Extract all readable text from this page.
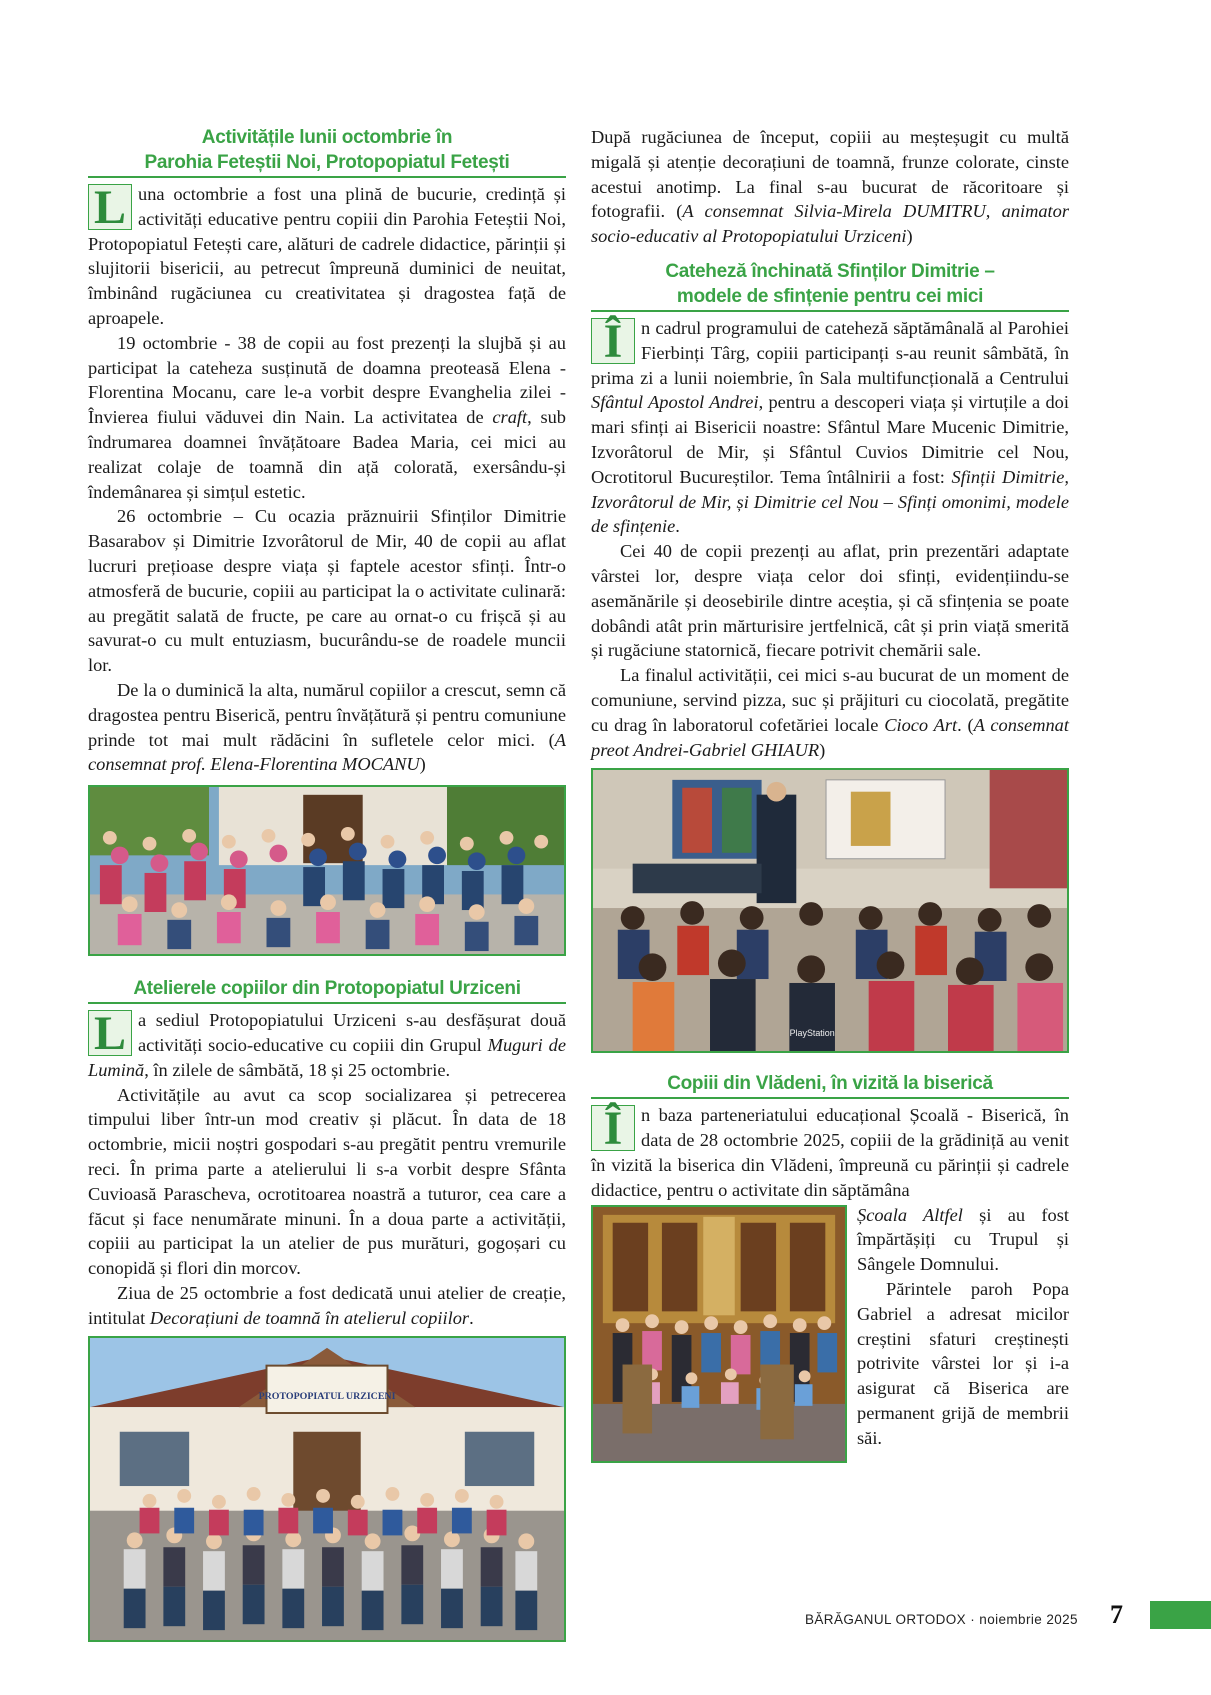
Activitățile lunii octombrie în
Parohia Feteștii Noi, Protopopiatul Fetești

L una octombrie a fost una plină de bucurie, credință și activități educative pentru copiii din Parohia Feteștii Noi, Protopopiatul Fetești care, alături de cadrele didactice, părinții și slujitorii bisericii, au petrecut împreună duminici de neuitat, îmbinând rugăciunea cu creativitatea și dragostea față de aproapele.

19 octombrie - 38 de copii au fost prezenți la slujbă și au participat la cateheza susținută de doamna preoteasă Elena - Florentina Mocanu, care le-a vorbit despre Evanghelia zilei - Învierea fiului văduvei din Nain. La activitatea de craft, sub îndrumarea doamnei învățătoare Badea Maria, cei mici au realizat colaje de toamnă din ață colorată, exersându-și îndemânarea și simțul estetic.

26 octombrie – Cu ocazia prăznuirii Sfinților Dimitrie Basarabov și Dimitrie Izvorâtorul de Mir, 40 de copii au aflat lucruri prețioase despre viața și faptele acestor sfinți. Într-o atmosferă de bucurie, copiii au participat la o activitate culinară: au pregătit salată de fructe, pe care au ornat-o cu frișcă și au savurat-o cu mult entuziasm, bucurându-se de roadele muncii lor.

De la o duminică la alta, numărul copiilor a crescut, semn că dragostea pentru Biserică, pentru învățătură și pentru comuniune prinde tot mai mult rădăcini în sufletele celor mici. (A consemnat prof. Elena-Florentina MOCANU)

Atelierele copiilor din Protopopiatul Urziceni

L a sediul Protopopiatului Urziceni s-au desfășurat două activități socio-educative cu copiii din Grupul Muguri de Lumină, în zilele de sâmbătă, 18 și 25 octombrie.

Activitățile au avut ca scop socializarea și petrecerea timpului liber într-un mod creativ și plăcut. În data de 18 octombrie, micii noștri gospodari s-au pregătit pentru vremurile reci. În prima parte a atelierului li s-a vorbit despre Sfânta Cuvioasă Parascheva, ocrotitoarea noastră a tuturor, cea care a făcut și face nenumărate minuni. În a doua parte a activității, copiii au participat la un atelier de pus murături, gogoșari cu conopidă și flori din morcov.

Ziua de 25 octombrie a fost dedicată unui atelier de creație, intitulat Decorațiuni de toamnă în atelierul copiilor.

PROTOPOPIATUL URZICENI

După rugăciunea de început, copiii au meșteșugit cu multă migală și atenție decorațiuni de toamnă, frunze colorate, cinste acestui anotimp. La final s-au bucurat de răcoritoare și fotografii. (A consemnat Silvia-Mirela DUMITRU, animator socio-educativ al Protopopiatului Urziceni)

Cateheză închinată Sfinților Dimitrie –
modele de sfințenie pentru cei mici

Î	n cadrul programului de cateheză săptămânală al Parohiei Fierbinți Târg, copiii participanți s-au reunit sâmbătă, în prima zi a lunii noiembrie, în Sala multifuncțională a Centrului Sfântul Apostol Andrei, pentru a descoperi viața și virtuțile a doi mari sfinți ai Bisericii noastre: Sfântul Mare Mucenic Dimitrie, Izvorâtorul de Mir, și Sfântul Cuvios Dimitrie cel Nou, Ocrotitorul Bucureștilor. Tema întâlnirii a fost: Sfinții Dimitrie, Izvorâtorul de Mir, și Dimitrie cel Nou – Sfinți omonimi, modele de sfințenie.

Cei 40 de copii prezenți au aflat, prin prezentări adaptate vârstei lor, despre viața celor doi sfinți, evidențiindu-se asemănările și deosebirile dintre aceștia, și că sfințenia se poate dobândi atât prin mărturisire jertfelnică, cât și prin viață smerită și rugăciune statornică, fiecare potrivit chemării sale.

La finalul activității, cei mici s-au bucurat de un moment de comuniune, servind pizza, suc și prăjituri cu ciocolată, pregătite cu drag în laboratorul cofetăriei locale Cioco Art. (A consemnat preot Andrei-Gabriel GHIAUR)

PlayStation
Copiii din Vlădeni, în vizită la biserică

Î	n baza parteneriatului educațional Școală - Biserică, în data de 28 octombrie 2025, copiii de la grădiniță au venit în vizită la biserica din Vlădeni, împreună cu părinții și cadrele didactice, pentru o activitate din săptămâna

Școala Altfel și au fost împărtășiți cu Trupul și Sângele Domnului.

Părintele paroh Popa Gabriel a adresat micilor creștini sfaturi creștinești potrivite vârstei lor și i-a asigurat că Biserica are permanent grijă de membrii săi.

BĂRĂGANUL ORTODOX · noiembrie 2025 7
